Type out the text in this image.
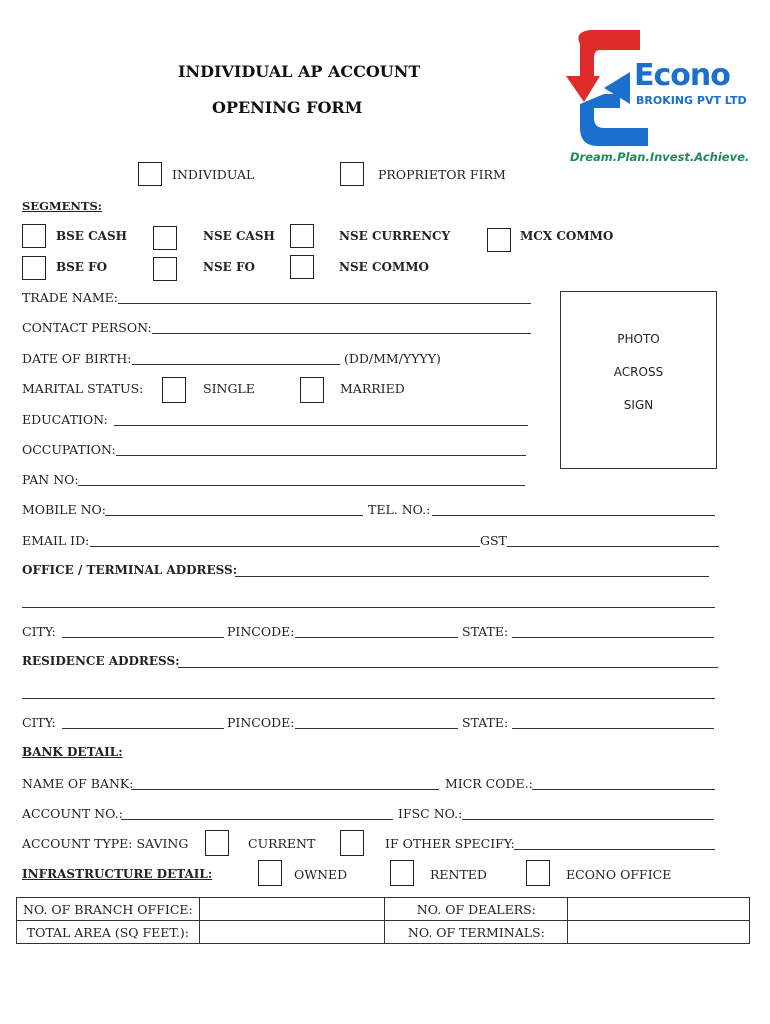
INDIVIDUAL AP ACCOUNT
OPENING FORM
Econo
BROKING PVT LTD
Dream.Plan.Invest.Achieve.
INDIVIDUAL	PROPRIETOR FIRM
SEGMENTS:
BSE CASH	NSE CASH	NSE CURRENCY	MCX COMMO
BSE FO	NSE FO	NSE COMMO
PHOTO
ACROSS
SIGN
TRADE NAME:
CONTACT PERSON:
DATE OF BIRTH:	(DD/MM/YYYY)
MARITAL STATUS:	SINGLE	MARRIED
EDUCATION:
OCCUPATION:
PAN NO:
MOBILE NO:	TEL. NO.:
EMAIL ID:	GST
OFFICE / TERMINAL ADDRESS:
CITY:	PINCODE:	STATE:
RESIDENCE ADDRESS:
CITY:	PINCODE:	STATE:
BANK DETAIL:
NAME OF BANK:	MICR CODE.:
ACCOUNT NO.:	IFSC NO.:
ACCOUNT TYPE: SAVING	CURRENT	IF OTHER SPECIFY:
INFRASTRUCTURE DETAIL:	OWNED	RENTED	ECONO OFFICE
NO. OF BRANCH OFFICE:		NO. OF DEALERS:	
TOTAL AREA (SQ FEET.):		NO. OF TERMINALS:	
